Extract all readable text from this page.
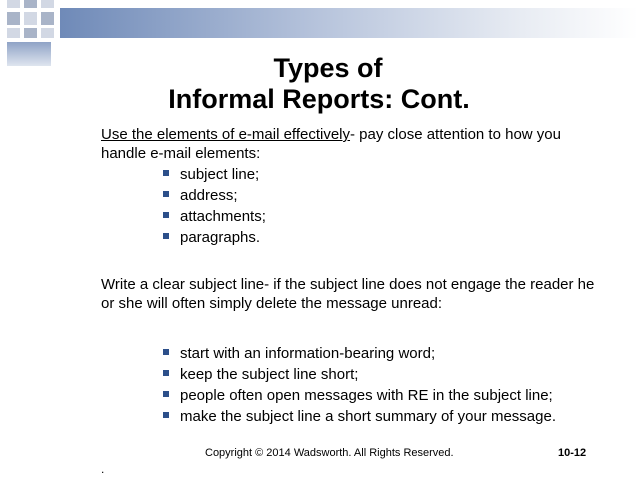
Types of
Informal Reports: Cont.

Use the elements of e-mail effectively- pay close attention to how you handle e-mail elements:

subject line;
address;
attachments;
paragraphs.

Write a clear subject line- if the subject line does not engage the reader he or she will often simply delete the message unread:

start with an information-bearing word;
keep the subject line short;
people often open messages with RE in the subject line;
make the subject line a short summary of your message.
Copyright © 2014 Wadsworth. All Rights Reserved.	10-12
.
